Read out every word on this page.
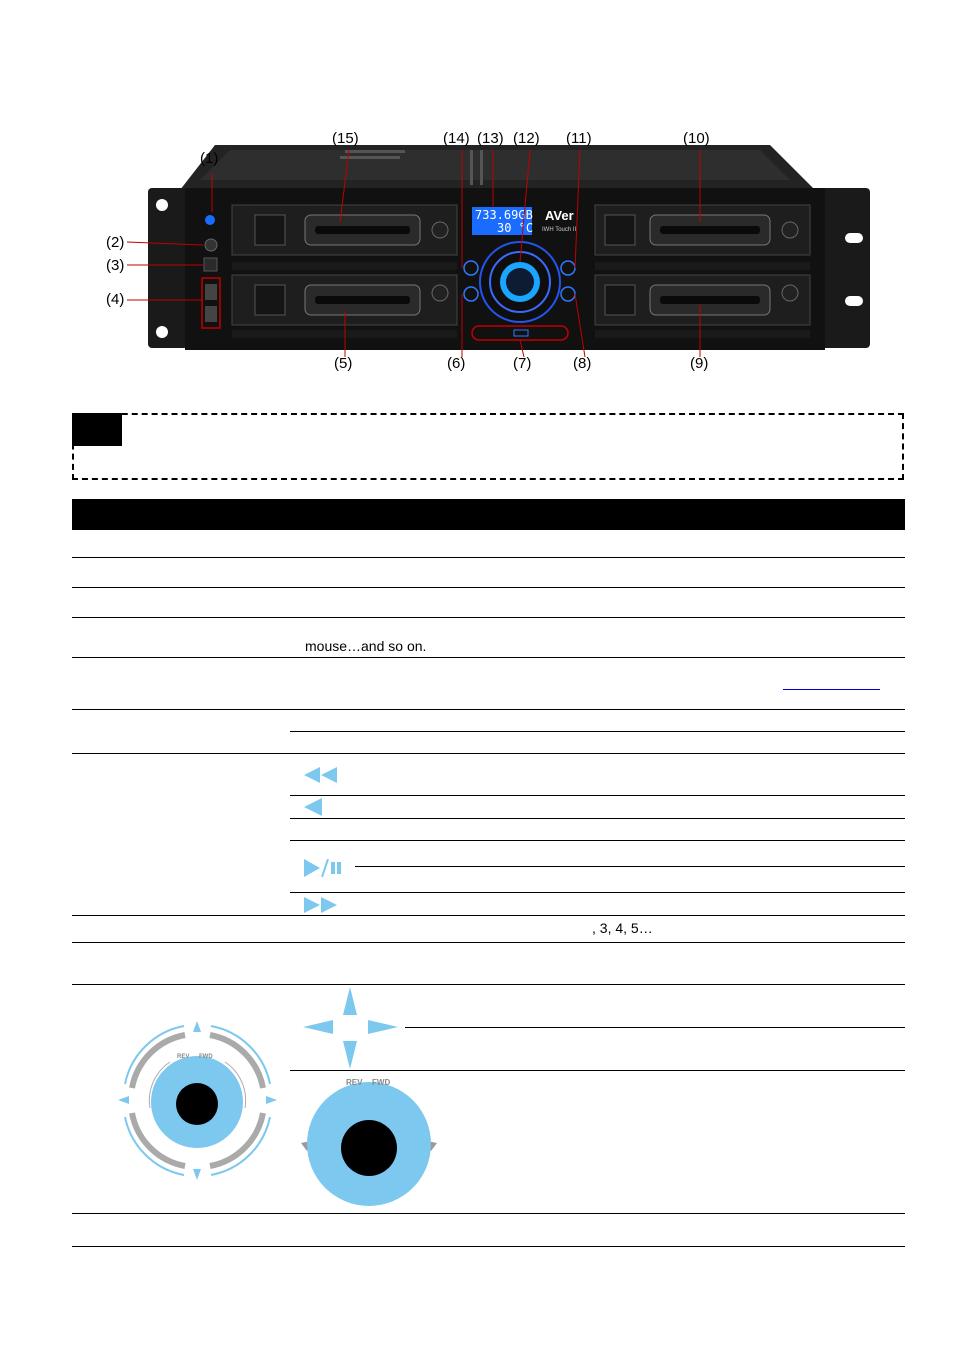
733.69GB
30 °C
AVer
IWH Touch II
(1)
(2)
(3)
(4)
(5)	(6)	(7)	(8)	(9)
(10)
(11)
(12)
(13)
(14)
(15)
mouse…and so on.
, 3, 4, 5…
REV FWD
REV FWD
